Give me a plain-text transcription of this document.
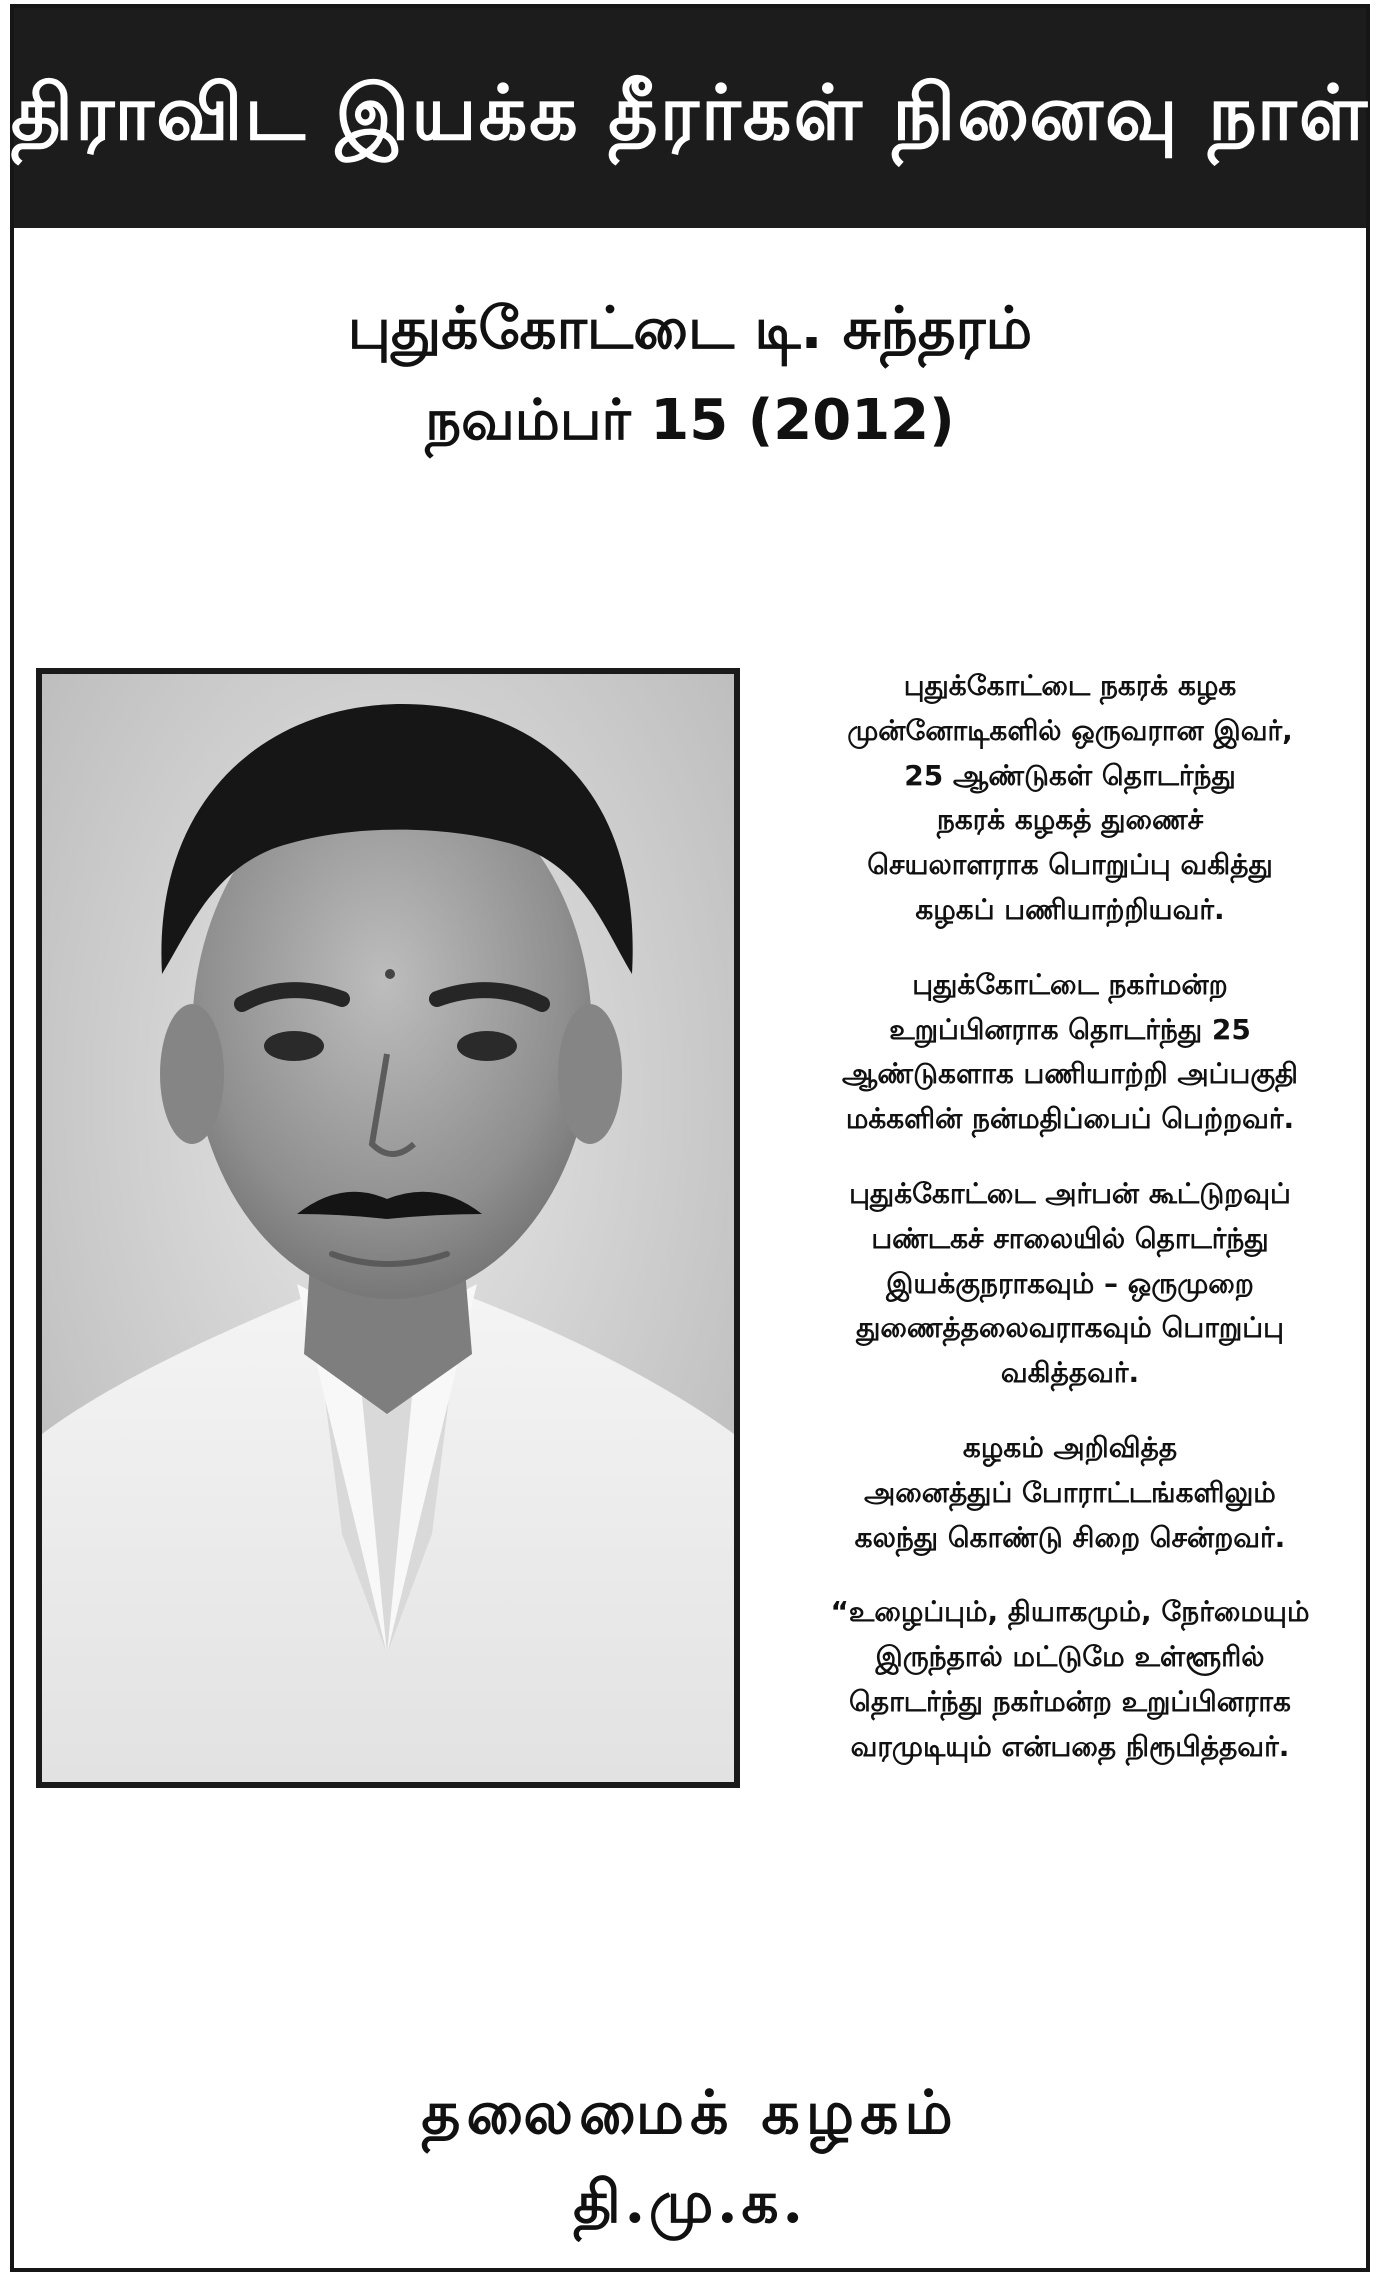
திராவிட இயக்க தீரர்கள் நினைவு நாள்
புதுக்கோட்டை டி. சுந்தரம்
நவம்பர் 15 (2012)

புதுக்கோட்டை நகரக் கழக
முன்னோடிகளில் ஒருவரான இவர்,
25 ஆண்டுகள் தொடர்ந்து
நகரக் கழகத் துணைச்
செயலாளராக பொறுப்பு வகித்து
கழகப் பணியாற்றியவர்.

புதுக்கோட்டை நகர்மன்ற
உறுப்பினராக தொடர்ந்து 25
ஆண்டுகளாக பணியாற்றி அப்பகுதி
மக்களின் நன்மதிப்பைப் பெற்றவர்.

புதுக்கோட்டை அர்பன் கூட்டுறவுப்
பண்டகச் சாலையில் தொடர்ந்து
இயக்குநராகவும் – ஒருமுறை
துணைத்தலைவராகவும் பொறுப்பு
வகித்தவர்.

கழகம் அறிவித்த
அனைத்துப் போராட்டங்களிலும்
கலந்து கொண்டு சிறை சென்றவர்.

“உழைப்பும், தியாகமும், நேர்மையும்
இருந்தால் மட்டுமே உள்ளூரில்
தொடர்ந்து நகர்மன்ற உறுப்பினராக
வரமுடியும் என்பதை நிரூபித்தவர்.

தலைமைக் கழகம்
தி.மு.க.
